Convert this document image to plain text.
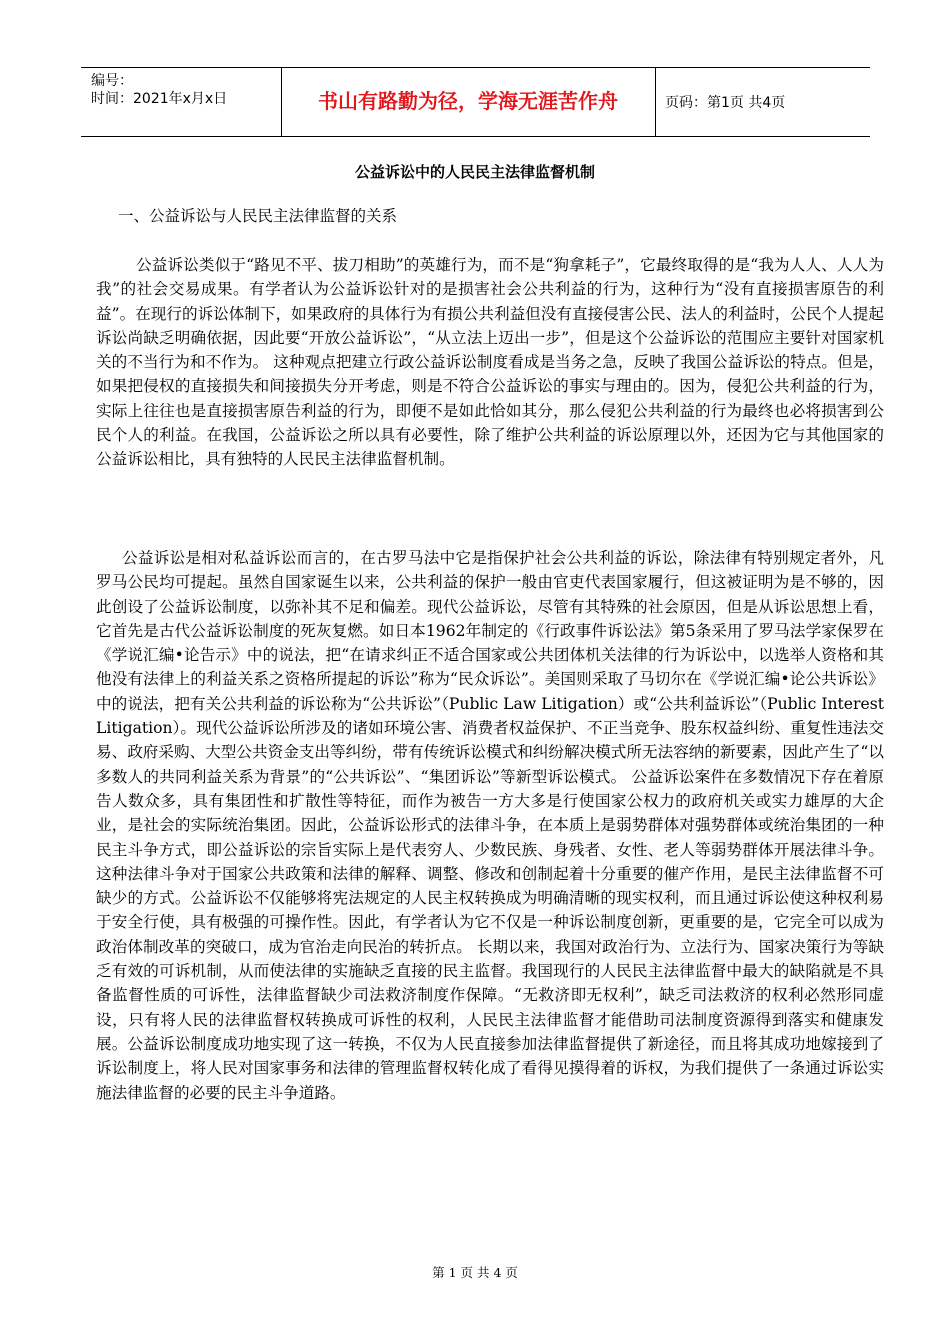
编号：
时间：2021年x月x日	书山有路勤为径，学海无涯苦作舟	页码：第1页 共4页
公益诉讼中的人民民主法律监督机制
一、公益诉讼与人民民主法律监督的关系

公益诉讼类似于“路见不平、拔刀相助”的英雄行为，而不是“狗拿耗子”，它最终取得的是“我为人人、人人为我”的社会交易成果。有学者认为公益诉讼针对的是损害社会公共利益的行为，这种行为“没有直接损害原告的利益”。在现行的诉讼体制下，如果政府的具体行为有损公共利益但没有直接侵害公民、法人的利益时，公民个人提起诉讼尚缺乏明确依据，因此要“开放公益诉讼”，“从立法上迈出一步”，但是这个公益诉讼的范围应主要针对国家机关的不当行为和不作为。 这种观点把建立行政公益诉讼制度看成是当务之急，反映了我国公益诉讼的特点。但是，如果把侵权的直接损失和间接损失分开考虑，则是不符合公益诉讼的事实与理由的。因为，侵犯公共利益的行为，实际上往往也是直接损害原告利益的行为，即便不是如此恰如其分，那么侵犯公共利益的行为最终也必将损害到公民个人的利益。在我国，公益诉讼之所以具有必要性，除了维护公共利益的诉讼原理以外，还因为它与其他国家的公益诉讼相比，具有独特的人民民主法律监督机制。

公益诉讼是相对私益诉讼而言的，在古罗马法中它是指保护社会公共利益的诉讼，除法律有特别规定者外，凡罗马公民均可提起。虽然自国家诞生以来，公共利益的保护一般由官吏代表国家履行，但这被证明为是不够的，因此创设了公益诉讼制度，以弥补其不足和偏差。现代公益诉讼，尽管有其特殊的社会原因，但是从诉讼思想上看，它首先是古代公益诉讼制度的死灰复燃。如日本1962年制定的《行政事件诉讼法》第5条采用了罗马法学家保罗在《学说汇编•论告示》中的说法，把“在请求纠正不适合国家或公共团体机关法律的行为诉讼中，以选举人资格和其他没有法律上的利益关系之资格所提起的诉讼”称为“民众诉讼”。美国则采取了马切尔在《学说汇编•论公共诉讼》中的说法，把有关公共利益的诉讼称为“公共诉讼”（Public Law Litigation）或“公共利益诉讼”（Public Interest Litigation）。现代公益诉讼所涉及的诸如环境公害、消费者权益保护、不正当竞争、股东权益纠纷、重复性违法交易、政府采购、大型公共资金支出等纠纷，带有传统诉讼模式和纠纷解决模式所无法容纳的新要素，因此产生了“以多数人的共同利益关系为背景”的“公共诉讼”、“集团诉讼”等新型诉讼模式。 公益诉讼案件在多数情况下存在着原告人数众多，具有集团性和扩散性等特征，而作为被告一方大多是行使国家公权力的政府机关或实力雄厚的大企业，是社会的实际统治集团。因此，公益诉讼形式的法律斗争，在本质上是弱势群体对强势群体或统治集团的一种民主斗争方式，即公益诉讼的宗旨实际上是代表穷人、少数民族、身残者、女性、老人等弱势群体开展法律斗争。这种法律斗争对于国家公共政策和法律的解释、调整、修改和创制起着十分重要的催产作用，是民主法律监督不可缺少的方式。公益诉讼不仅能够将宪法规定的人民主权转换成为明确清晰的现实权利，而且通过诉讼使这种权利易于安全行使，具有极强的可操作性。因此，有学者认为它不仅是一种诉讼制度创新，更重要的是，它完全可以成为政治体制改革的突破口，成为官治走向民治的转折点。 长期以来，我国对政治行为、立法行为、国家决策行为等缺乏有效的可诉机制，从而使法律的实施缺乏直接的民主监督。我国现行的人民民主法律监督中最大的缺陷就是不具备监督性质的可诉性，法律监督缺少司法救济制度作保障。“无救济即无权利”，缺乏司法救济的权利必然形同虚设，只有将人民的法律监督权转换成可诉性的权利，人民民主法律监督才能借助司法制度资源得到落实和健康发展。公益诉讼制度成功地实现了这一转换，不仅为人民直接参加法律监督提供了新途径，而且将其成功地嫁接到了诉讼制度上，将人民对国家事务和法律的管理监督权转化成了看得见摸得着的诉权，为我们提供了一条通过诉讼实施法律监督的必要的民主斗争道路。

第 1 页 共 4 页
